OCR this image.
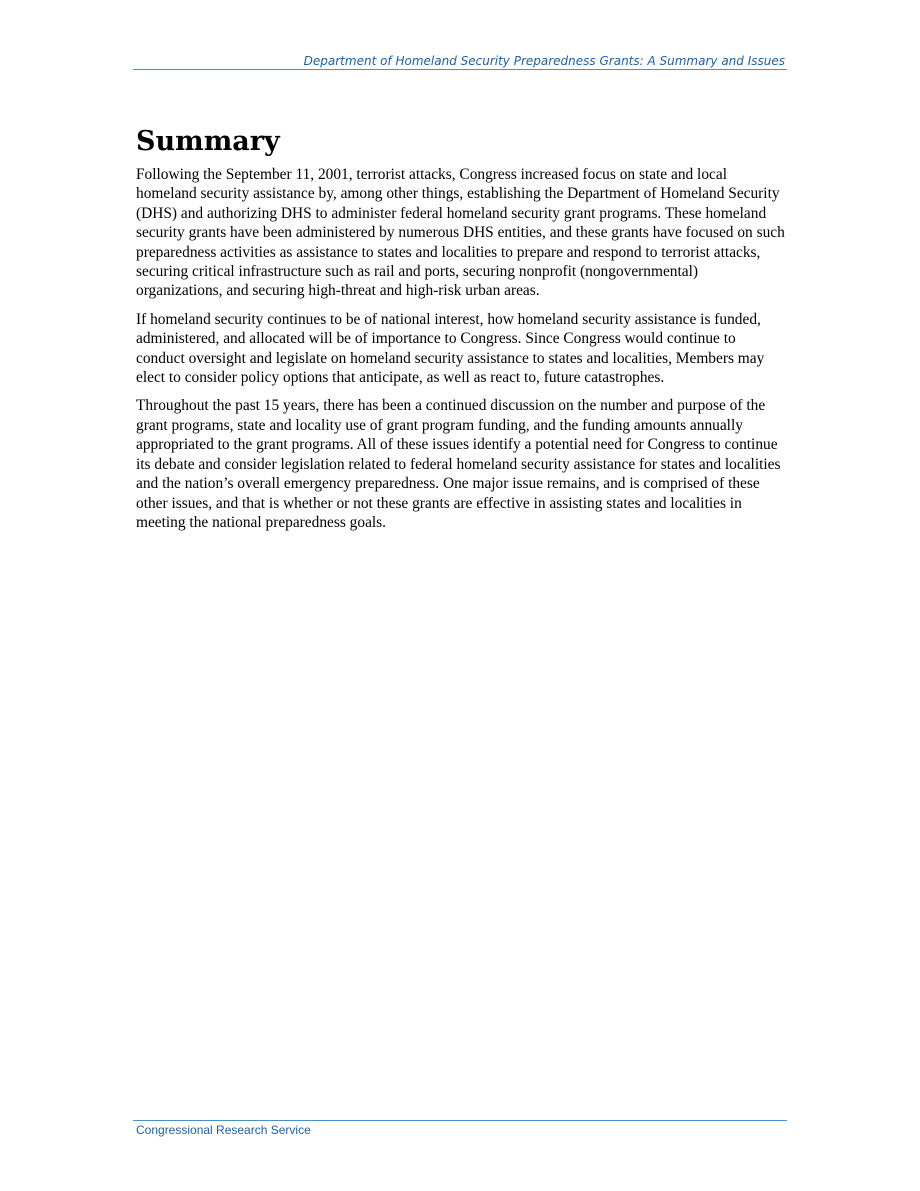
Department of Homeland Security Preparedness Grants: A Summary and Issues
Summary

Following the September 11, 2001, terrorist attacks, Congress increased focus on state and local homeland security assistance by, among other things, establishing the Department of Homeland Security (DHS) and authorizing DHS to administer federal homeland security grant programs. These homeland security grants have been administered by numerous DHS entities, and these grants have focused on such preparedness activities as assistance to states and localities to prepare and respond to terrorist attacks, securing critical infrastructure such as rail and ports, securing nonprofit (nongovernmental) organizations, and securing high-threat and high-risk urban areas.

If homeland security continues to be of national interest, how homeland security assistance is funded, administered, and allocated will be of importance to Congress. Since Congress would continue to conduct oversight and legislate on homeland security assistance to states and localities, Members may elect to consider policy options that anticipate, as well as react to, future catastrophes.

Throughout the past 15 years, there has been a continued discussion on the number and purpose of the grant programs, state and locality use of grant program funding, and the funding amounts annually appropriated to the grant programs. All of these issues identify a potential need for Congress to continue its debate and consider legislation related to federal homeland security assistance for states and localities and the nation’s overall emergency preparedness. One major issue remains, and is comprised of these other issues, and that is whether or not these grants are effective in assisting states and localities in meeting the national preparedness goals.

Congressional Research Service
